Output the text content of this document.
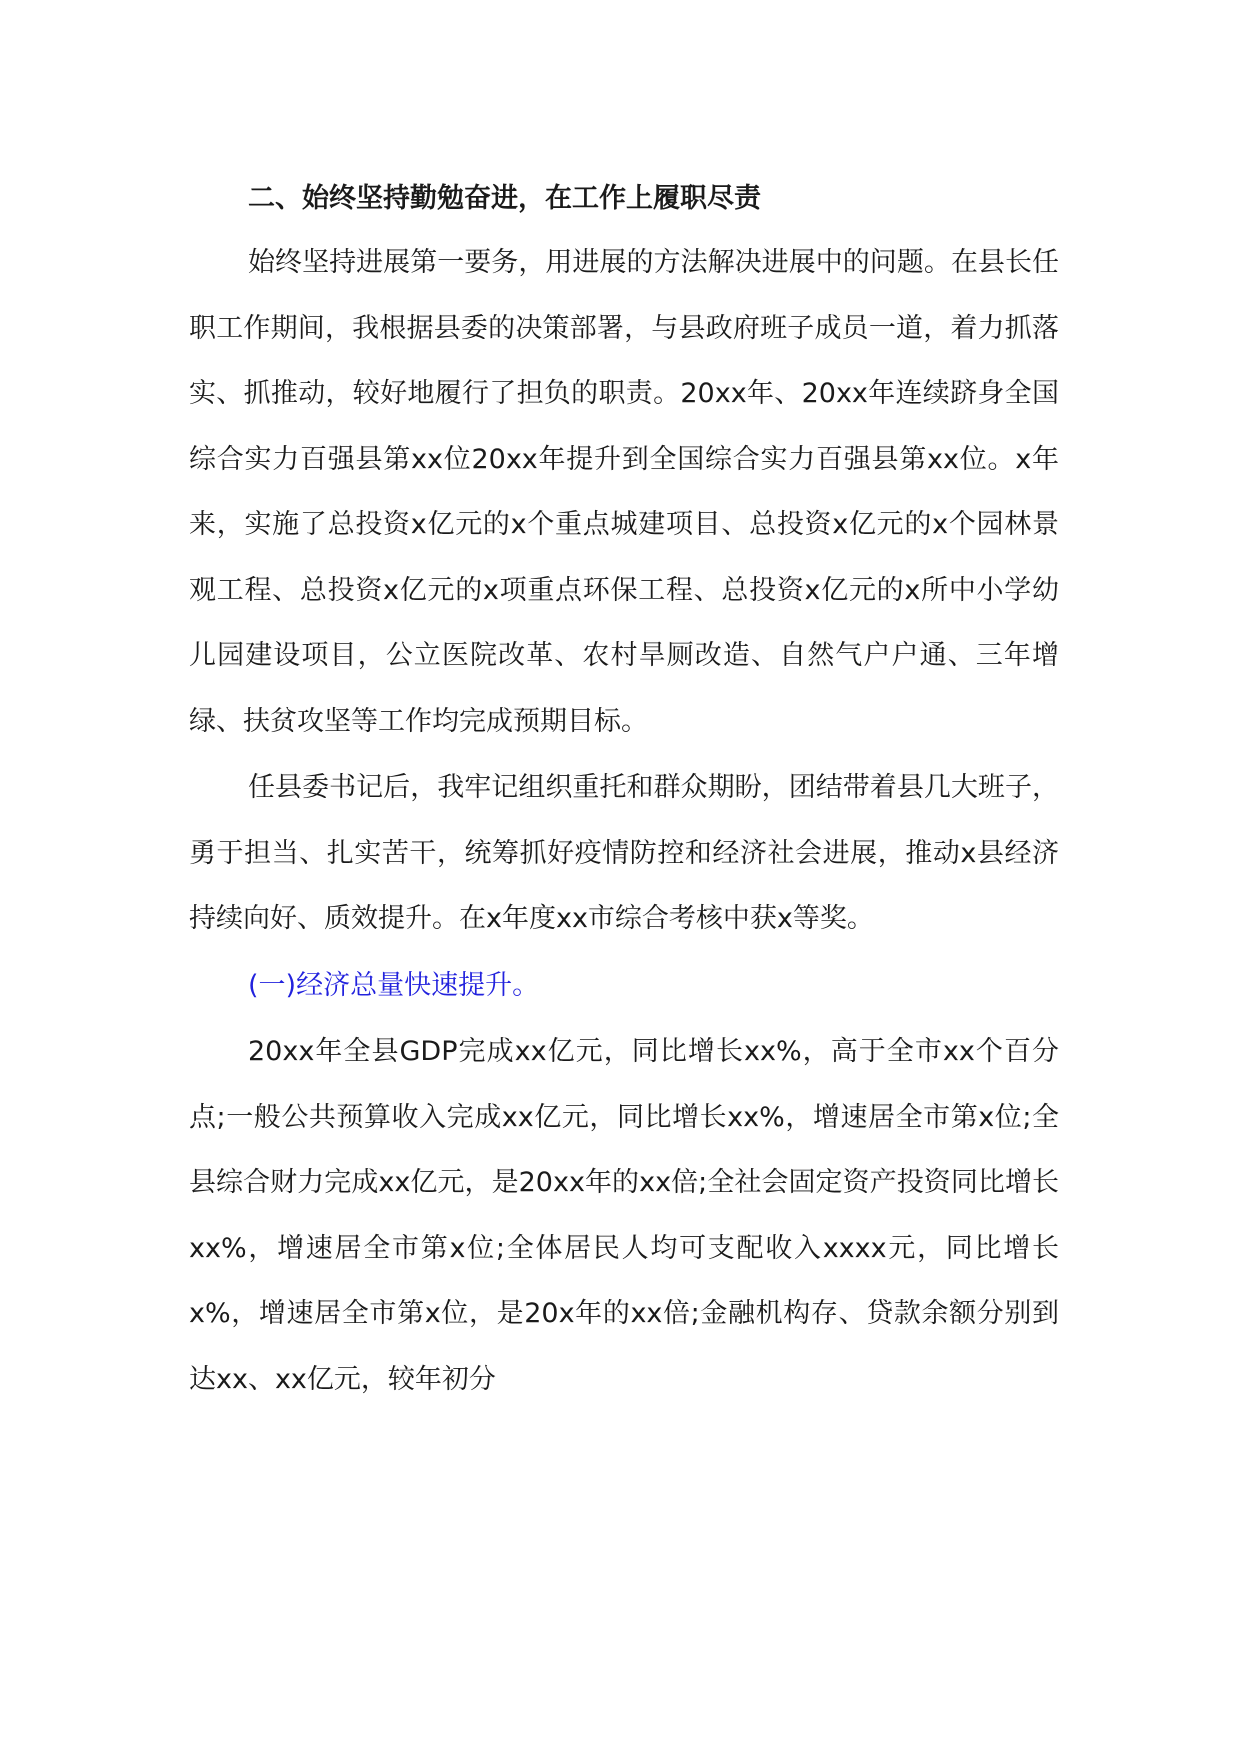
二、始终坚持勤勉奋进，在工作上履职尽责

始终坚持进展第一要务，用进展的方法解决进展中的问题。在县长任职工作期间，我根据县委的决策部署，与县政府班子成员一道，着力抓落实、抓推动，较好地履行了担负的职责。20xx年、20xx年连续跻身全国综合实力百强县第xx位20xx年提升到全国综合实力百强县第xx位。x年来，实施了总投资x亿元的x个重点城建项目、总投资x亿元的x个园林景观工程、总投资x亿元的x项重点环保工程、总投资x亿元的x所中小学幼儿园建设项目，公立医院改革、农村旱厕改造、自然气户户通、三年增绿、扶贫攻坚等工作均完成预期目标。

任县委书记后，我牢记组织重托和群众期盼，团结带着县几大班子，勇于担当、扎实苦干，统筹抓好疫情防控和经济社会进展，推动x县经济持续向好、质效提升。在x年度xx市综合考核中获x等奖。

(一)经济总量快速提升。

20xx年全县GDP完成xx亿元，同比增长xx%，高于全市xx个百分点;一般公共预算收入完成xx亿元，同比增长xx%，增速居全市第x位;全县综合财力完成xx亿元，是20xx年的xx倍;全社会固定资产投资同比增长xx%，增速居全市第x位;全体居民人均可支配收入xxxx元，同比增长x%，增速居全市第x位，是20x年的xx倍;金融机构存、贷款余额分别到达xx、xx亿元，较年初分
